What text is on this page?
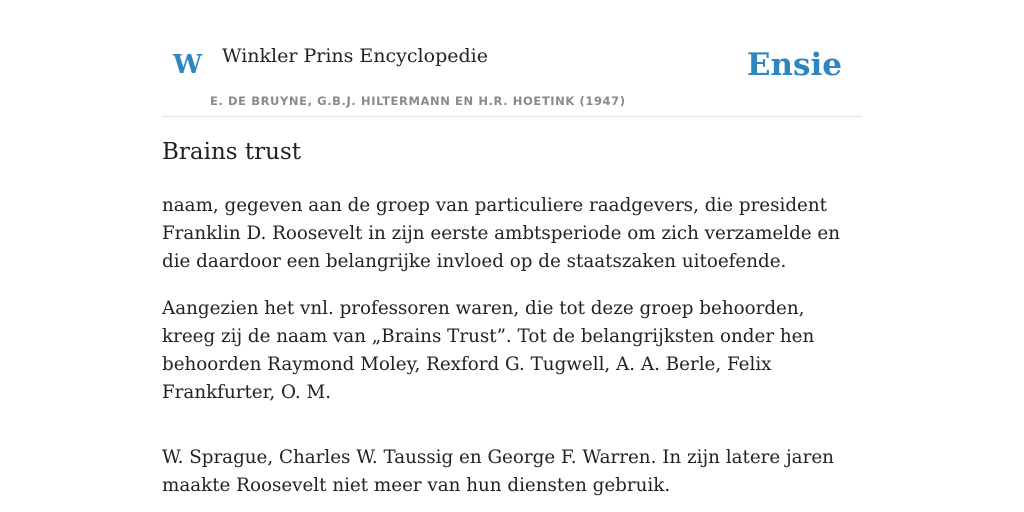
W Winkler Prins Encyclopedie
E. DE BRUYNE, G.B.J. HILTERMANN EN H.R. HOETINK (1947)
Ensie
Brains trust

naam, gegeven aan de groep van particuliere raadgevers, die president Franklin D. Roosevelt in zijn eerste ambtsperiode om zich verzamelde en die daardoor een belangrijke invloed op de staatszaken uitoefende.

Aangezien het vnl. professoren waren, die tot deze groep behoorden, kreeg zij de naam van „Brains Trust”. Tot de belangrijksten onder hen behoorden Raymond Moley, Rexford G. Tugwell, A. A. Berle, Felix Frankfurter, O. M.

W. Sprague, Charles W. Taussig en George F. Warren. In zijn latere jaren maakte Roosevelt niet meer van hun diensten gebruik.
